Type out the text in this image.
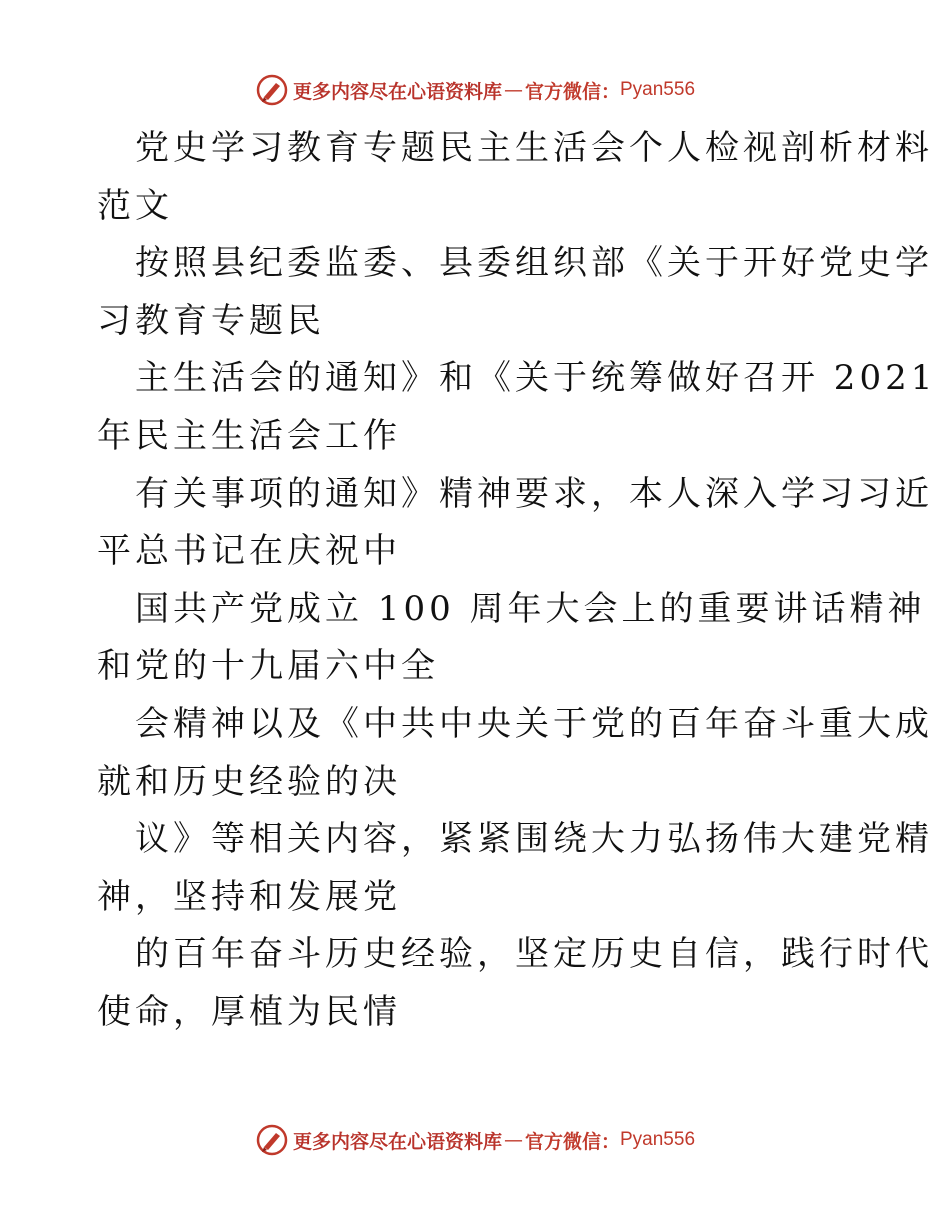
更多内容尽在心语资料库 — 官方微信： Pyan556
党史学习教育专题民主生活会个人检视剖析材料
范文
按照县纪委监委、县委组织部《关于开好党史学
习教育专题民
主生活会的通知》和《关于统筹做好召开 2021
年民主生活会工作
有关事项的通知》精神要求，本人深入学习习近
平总书记在庆祝中
国共产党成立 100 周年大会上的重要讲话精神
和党的十九届六中全
会精神以及《中共中央关于党的百年奋斗重大成
就和历史经验的决
议》等相关内容，紧紧围绕大力弘扬伟大建党精
神，坚持和发展党
的百年奋斗历史经验，坚定历史自信，践行时代
使命，厚植为民情
更多内容尽在心语资料库 — 官方微信： Pyan556
